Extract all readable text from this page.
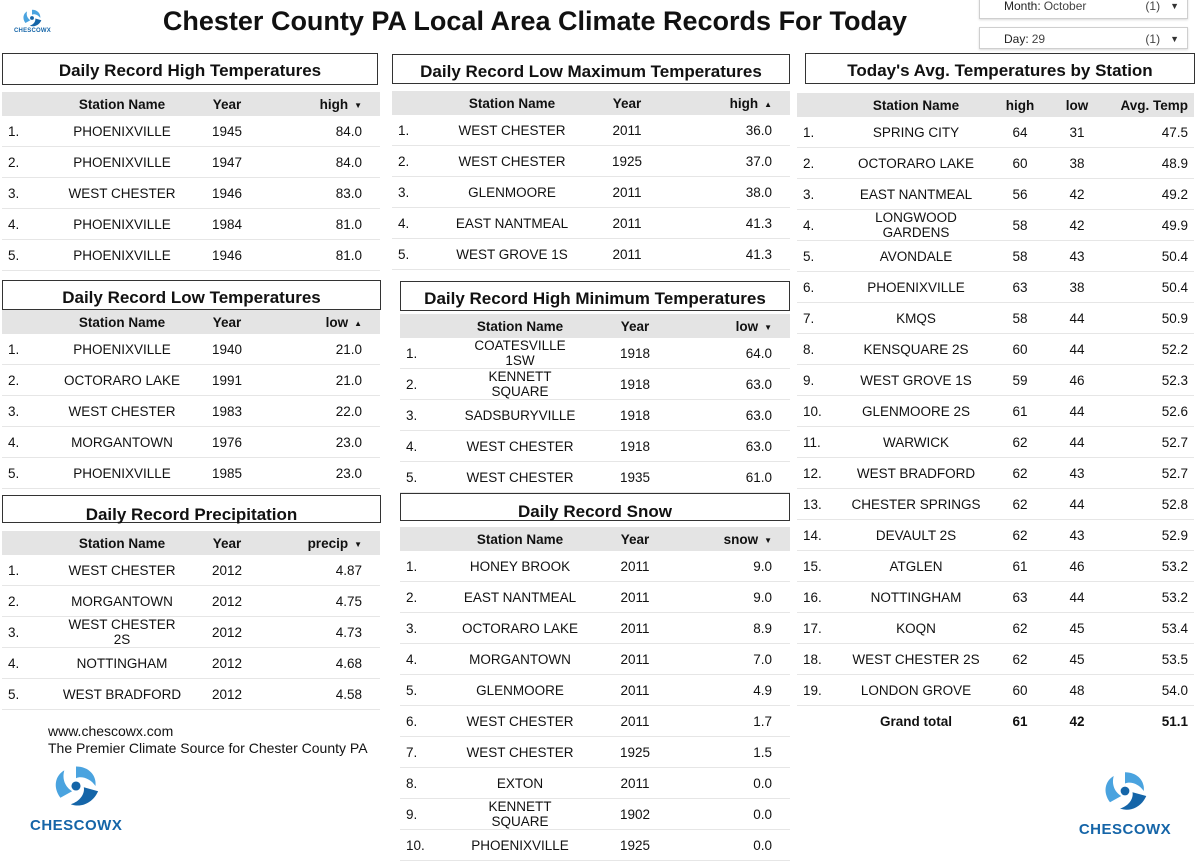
CHESCOWX	Chester County PA Local Area Climate Records For Today	Month: October	(1) ▼
Day: 29	(1) ▼
Daily Record High Temperatures
Daily Record Low Temperatures
Daily Record Precipitation
Daily Record Low Maximum Temperatures
Daily Record High Minimum Temperatures
Daily Record Snow
Today's Avg. Temperatures by Station
	Station Name	Year	high ▼
1.	PHOENIXVILLE	1945	84.0
2.	PHOENIXVILLE	1947	84.0
3.	WEST CHESTER	1946	83.0
4.	PHOENIXVILLE	1984	81.0
5.	PHOENIXVILLE	1946	81.0
	Station Name	Year	low ▲
1.	PHOENIXVILLE	1940	21.0
2.	OCTORARO LAKE	1991	21.0
3.	WEST CHESTER	1983	22.0
4.	MORGANTOWN	1976	23.0
5.	PHOENIXVILLE	1985	23.0
	Station Name	Year	precip ▼
1.	WEST CHESTER	2012	4.87
2.	MORGANTOWN	2012	4.75
3.	WEST CHESTER 2S	2012	4.73
4.	NOTTINGHAM	2012	4.68
5.	WEST BRADFORD	2012	4.58
	Station Name	Year	high ▲
1.	WEST CHESTER	2011	36.0
2.	WEST CHESTER	1925	37.0
3.	GLENMOORE	2011	38.0
4.	EAST NANTMEAL	2011	41.3
5.	WEST GROVE 1S	2011	41.3
	Station Name	Year	low ▼
1.	COATESVILLE 1SW	1918	64.0
2.	KENNETT SQUARE	1918	63.0
3.	SADSBURYVILLE	1918	63.0
4.	WEST CHESTER	1918	63.0
5.	WEST CHESTER	1935	61.0
	Station Name	Year	snow ▼
1.	HONEY BROOK	2011	9.0
2.	EAST NANTMEAL	2011	9.0
3.	OCTORARO LAKE	2011	8.9
4.	MORGANTOWN	2011	7.0
5.	GLENMOORE	2011	4.9
6.	WEST CHESTER	2011	1.7
7.	WEST CHESTER	1925	1.5
8.	EXTON	2011	0.0
9.	KENNETT SQUARE	1902	0.0
10.	PHOENIXVILLE	1925	0.0
	Station Name	high	low	Avg. Temp
1.	SPRING CITY	64	31	47.5
2.	OCTORARO LAKE	60	38	48.9
3.	EAST NANTMEAL	56	42	49.2
4.	LONGWOOD GARDENS	58	42	49.9
5.	AVONDALE	58	43	50.4
6.	PHOENIXVILLE	63	38	50.4
7.	KMQS	58	44	50.9
8.	KENSQUARE 2S	60	44	52.2
9.	WEST GROVE 1S	59	46	52.3
10.	GLENMOORE 2S	61	44	52.6
11.	WARWICK	62	44	52.7
12.	WEST BRADFORD	62	43	52.7
13.	CHESTER SPRINGS	62	44	52.8
14.	DEVAULT 2S	62	43	52.9
15.	ATGLEN	61	46	53.2
16.	NOTTINGHAM	63	44	53.2
17.	KOQN	62	45	53.4
18.	WEST CHESTER 2S	62	45	53.5
19.	LONDON GROVE	60	48	54.0
	Grand total	61	42	51.1
www.chescowx.com
The Premier Climate Source for Chester County PA
CHESCOWX	CHESCOWX
